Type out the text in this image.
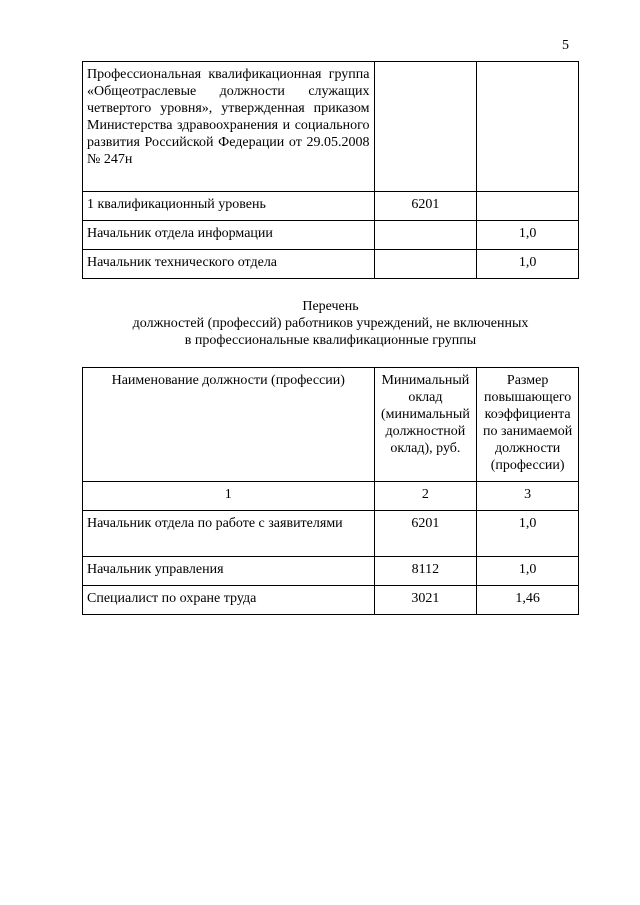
5
Профессиональная квалификационная группа «Общеотраслевые должности служащих четвертого уровня», утвержденная приказом Министерства здравоохранения и социального развития Российской Федерации от 29.05.2008 № 247н		
1 квалификационный уровень	6201	
Начальник отдела информации		1,0
Начальник технического отдела		1,0
Перечень
должностей (профессий) работников учреждений, не включенных
в профессиональные квалификационные группы
Наименование должности (профессии)	Минимальный оклад (минимальный должностной оклад), руб.	Размер повышающего коэффициента по занимаемой должности (профессии)
1	2	3
Начальник отдела по работе с заявителями	6201	1,0
Начальник управления	8112	1,0
Специалист по охране труда	3021	1,46
